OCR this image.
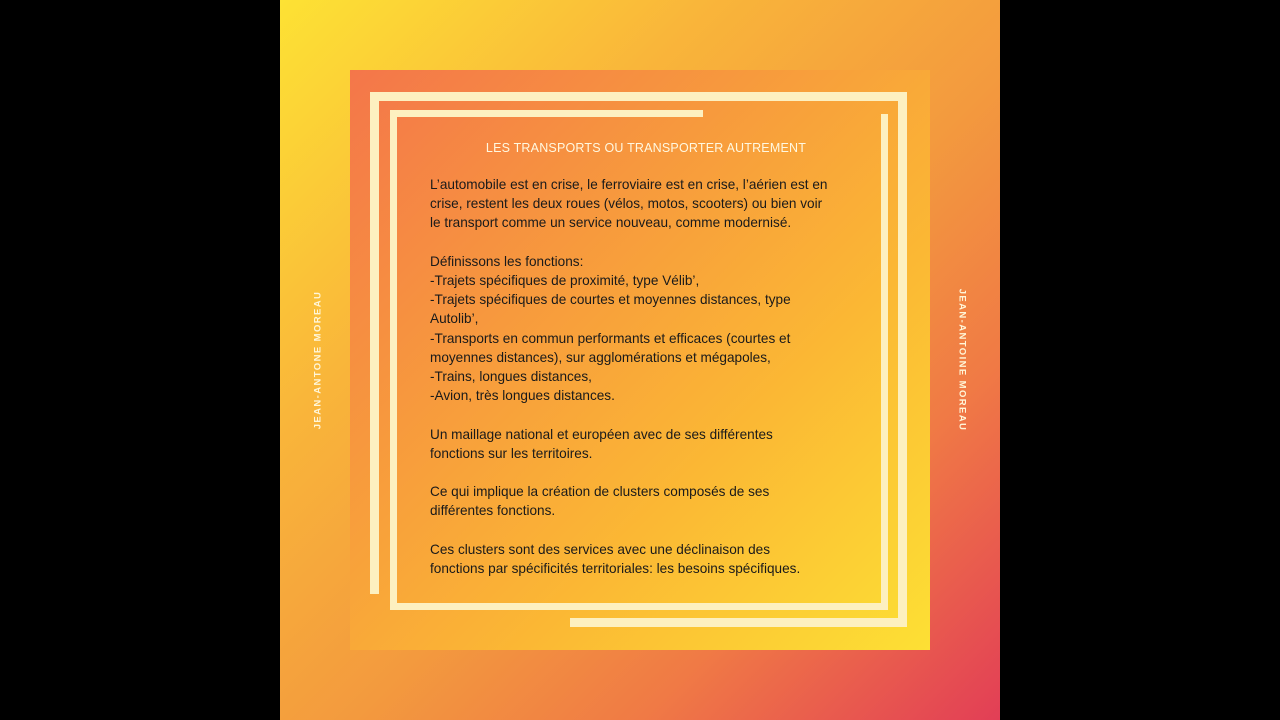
JEAN-ANTONE MOREAU	JEAN-ANTOINE MOREAU
LES TRANSPORTS OU TRANSPORTER AUTREMENT

L’automobile est en crise, le ferroviaire est en crise, l’aérien est en
crise, restent les deux roues (vélos, motos, scooters) ou bien voir
le transport comme un service nouveau, comme modernisé.

Définissons les fonctions:
-Trajets spécifiques de proximité, type Vélib’,
-Trajets spécifiques de courtes et moyennes distances, type
Autolib’,
-Transports en commun performants et efficaces (courtes et
moyennes distances), sur agglomérations et mégapoles,
-Trains, longues distances,
-Avion, très longues distances.

Un maillage national et européen avec de ses différentes
fonctions sur les territoires.

Ce qui implique la création de clusters composés de ses
différentes fonctions.

Ces clusters sont des services avec une déclinaison des
fonctions par spécificités territoriales: les besoins spécifiques.
